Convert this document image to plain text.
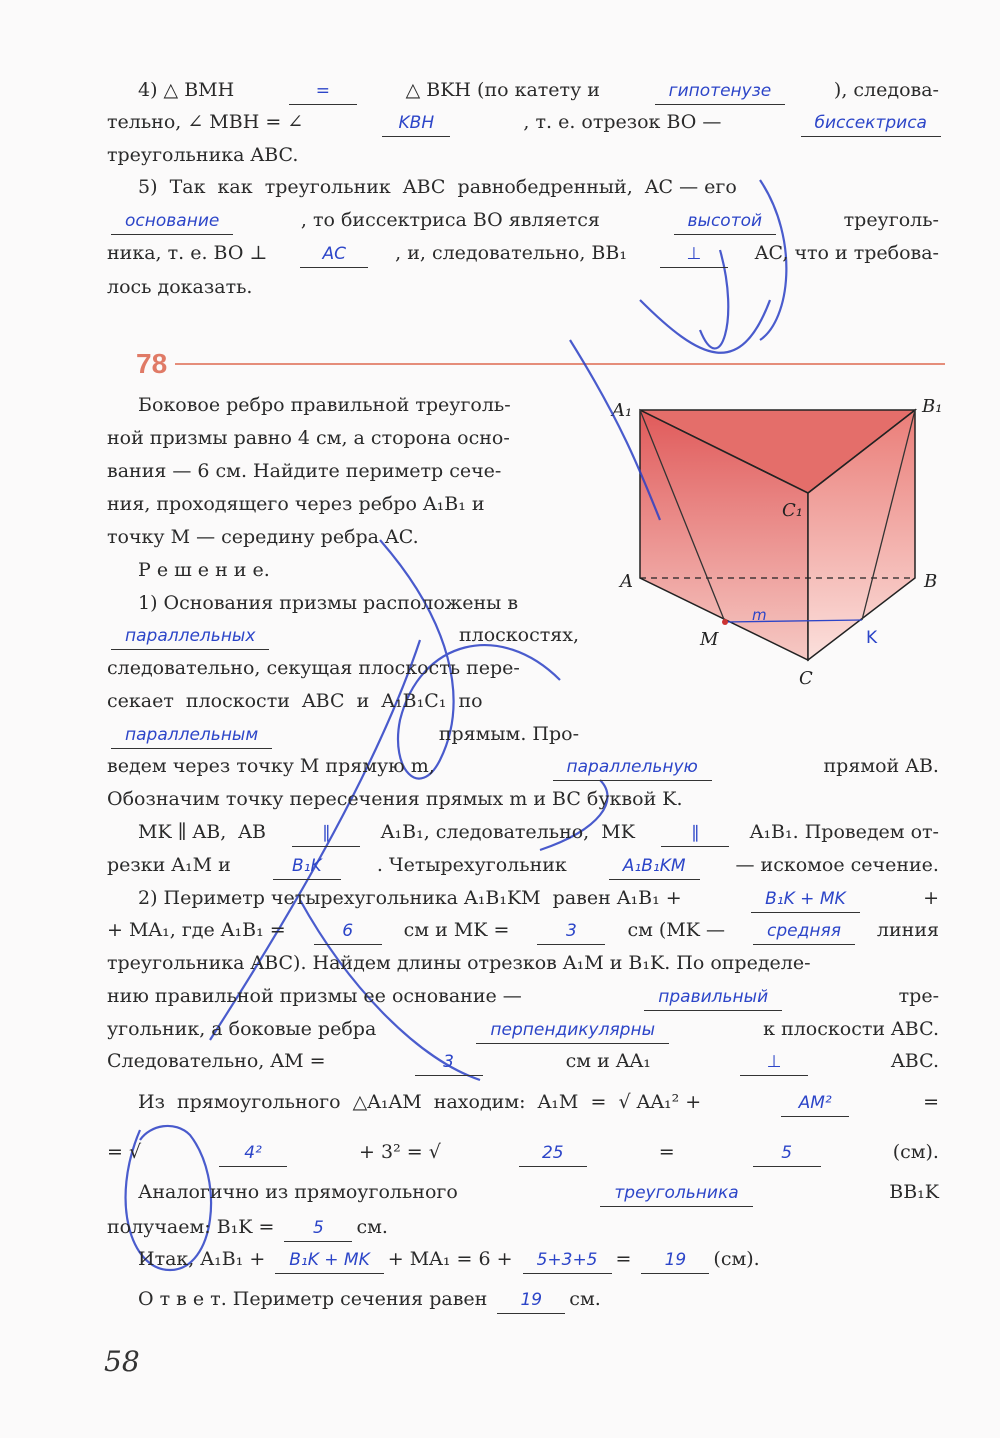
78
A₁	B₁
C₁
A	B
C
M
m
K
4) △ BMH	=	△ BKH (по катету и	гипотенузе	), следова-
тельно, ∠ MBH = ∠	KBH	, т. е. отрезок BO —	биссектриса
треугольника ABC.
5)  Так  как  треугольник  ABC  равнобедренный,  AC — его
основание	, то биссектриса BO является	высотой	треуголь-
ника, т. е. BO ⊥	AC	, и, следовательно, BB₁	⊥	AC, что и требова-
лось доказать.
Боковое ребро правильной треуголь-
ной призмы равно 4 см, а сторона осно-
вания — 6 см. Найдите периметр сече-
ния, проходящего через ребро A₁B₁ и
точку M — середину ребра AC.
Р е ш е н и е.
1) Основания призмы расположены в
параллельных	плоскостях,
следовательно, секущая плоскость пере-
секает  плоскости  ABC  и  A₁B₁C₁  по
параллельным	прямым. Про-
ведем через точку M прямую m,	параллельную	прямой AB.
Обозначим точку пересечения прямых m и BC буквой K.
MK ∥ AB,  AB	∥	A₁B₁, следовательно,  MK	∥	A₁B₁. Проведем от-
резки A₁M и	B₁K	. Четырехугольник	A₁B₁KM	— искомое сечение.
2) Периметр четырехугольника A₁B₁KM  равен A₁B₁ +	B₁K + MK	+
+ MA₁, где A₁B₁ =	6	см и MK =	3	см (MK —	средняя	линия
треугольника ABC). Найдем длины отрезков A₁M и B₁K. По определе-
нию правильной призмы ее основание —	правильный	тре-
угольник, а боковые ребра	перпендикулярны	к плоскости ABC.
Следовательно, AM =	3	см и AA₁	⊥	ABC.
Из  прямоугольного  △A₁AM  находим:  A₁M  =  √ AA₁² +	AM²	=
= √	4²	+ 3² = √	25	=	5	(см).
Аналогично из прямоугольного	треугольника	BB₁K
получаем: B₁K =	5	см.
Итак, A₁B₁ +	B₁K + MK + MA₁ = 6 +	5+3+5 =	19	(см).
О т в е т. Периметр сечения равен	19	см.
58
